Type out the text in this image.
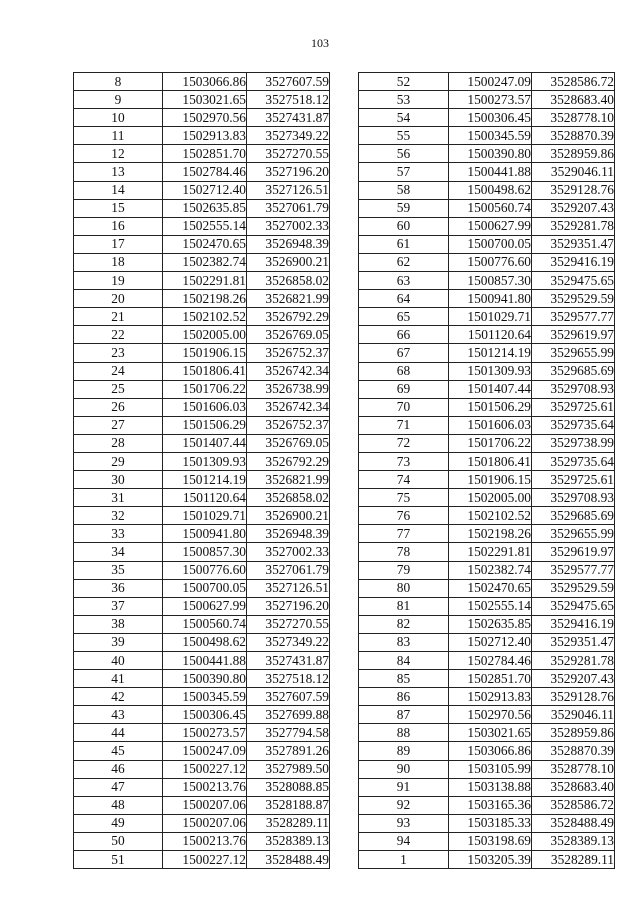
103
8	1503066.86	3527607.59
9	1503021.65	3527518.12
10	1502970.56	3527431.87
11	1502913.83	3527349.22
12	1502851.70	3527270.55
13	1502784.46	3527196.20
14	1502712.40	3527126.51
15	1502635.85	3527061.79
16	1502555.14	3527002.33
17	1502470.65	3526948.39
18	1502382.74	3526900.21
19	1502291.81	3526858.02
20	1502198.26	3526821.99
21	1502102.52	3526792.29
22	1502005.00	3526769.05
23	1501906.15	3526752.37
24	1501806.41	3526742.34
25	1501706.22	3526738.99
26	1501606.03	3526742.34
27	1501506.29	3526752.37
28	1501407.44	3526769.05
29	1501309.93	3526792.29
30	1501214.19	3526821.99
31	1501120.64	3526858.02
32	1501029.71	3526900.21
33	1500941.80	3526948.39
34	1500857.30	3527002.33
35	1500776.60	3527061.79
36	1500700.05	3527126.51
37	1500627.99	3527196.20
38	1500560.74	3527270.55
39	1500498.62	3527349.22
40	1500441.88	3527431.87
41	1500390.80	3527518.12
42	1500345.59	3527607.59
43	1500306.45	3527699.88
44	1500273.57	3527794.58
45	1500247.09	3527891.26
46	1500227.12	3527989.50
47	1500213.76	3528088.85
48	1500207.06	3528188.87
49	1500207.06	3528289.11
50	1500213.76	3528389.13
51	1500227.12	3528488.49
52	1500247.09	3528586.72
53	1500273.57	3528683.40
54	1500306.45	3528778.10
55	1500345.59	3528870.39
56	1500390.80	3528959.86
57	1500441.88	3529046.11
58	1500498.62	3529128.76
59	1500560.74	3529207.43
60	1500627.99	3529281.78
61	1500700.05	3529351.47
62	1500776.60	3529416.19
63	1500857.30	3529475.65
64	1500941.80	3529529.59
65	1501029.71	3529577.77
66	1501120.64	3529619.97
67	1501214.19	3529655.99
68	1501309.93	3529685.69
69	1501407.44	3529708.93
70	1501506.29	3529725.61
71	1501606.03	3529735.64
72	1501706.22	3529738.99
73	1501806.41	3529735.64
74	1501906.15	3529725.61
75	1502005.00	3529708.93
76	1502102.52	3529685.69
77	1502198.26	3529655.99
78	1502291.81	3529619.97
79	1502382.74	3529577.77
80	1502470.65	3529529.59
81	1502555.14	3529475.65
82	1502635.85	3529416.19
83	1502712.40	3529351.47
84	1502784.46	3529281.78
85	1502851.70	3529207.43
86	1502913.83	3529128.76
87	1502970.56	3529046.11
88	1503021.65	3528959.86
89	1503066.86	3528870.39
90	1503105.99	3528778.10
91	1503138.88	3528683.40
92	1503165.36	3528586.72
93	1503185.33	3528488.49
94	1503198.69	3528389.13
1	1503205.39	3528289.11
